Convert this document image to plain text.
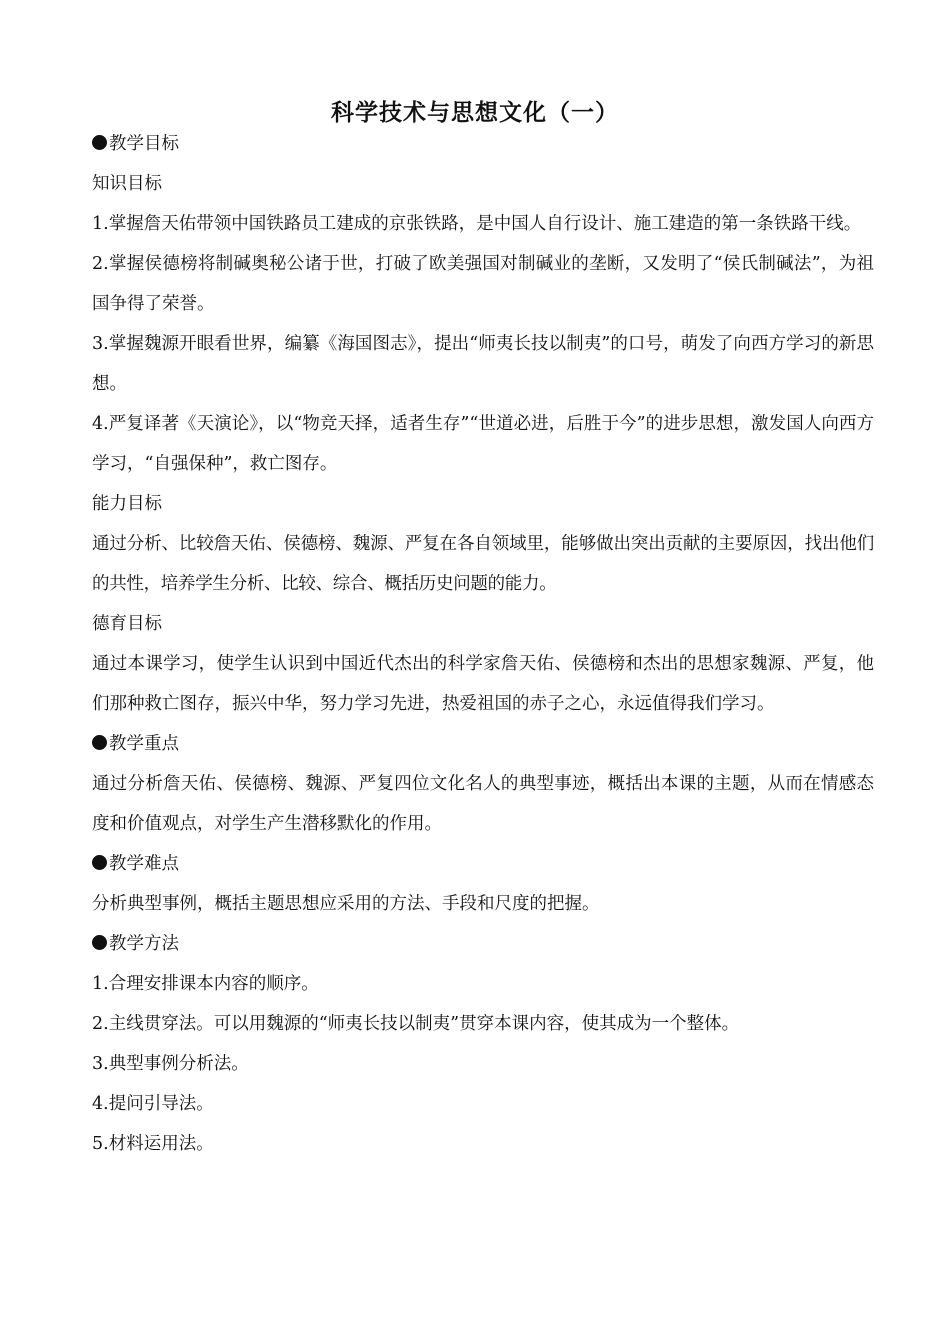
科学技术与思想文化（一）
教学目标
知识目标
1.掌握詹天佑带领中国铁路员工建成的京张铁路，是中国人自行设计、施工建造的第一条铁路干线。
2.掌握侯德榜将制碱奥秘公诸于世，打破了欧美强国对制碱业的垄断，又发明了“侯氏制碱法”，为祖国争得了荣誉。
3.掌握魏源开眼看世界，编纂《海国图志》，提出“师夷长技以制夷”的口号，萌发了向西方学习的新思想。
4.严复译著《天演论》，以“物竞天择，适者生存”“世道必进，后胜于今”的进步思想，激发国人向西方学习，“自强保种”，救亡图存。
能力目标
通过分析、比较詹天佑、侯德榜、魏源、严复在各自领域里，能够做出突出贡献的主要原因，找出他们的共性，培养学生分析、比较、综合、概括历史问题的能力。
德育目标
通过本课学习，使学生认识到中国近代杰出的科学家詹天佑、侯德榜和杰出的思想家魏源、严复，他们那种救亡图存，振兴中华，努力学习先进，热爱祖国的赤子之心，永远值得我们学习。
教学重点
通过分析詹天佑、侯德榜、魏源、严复四位文化名人的典型事迹，概括出本课的主题，从而在情感态度和价值观点，对学生产生潜移默化的作用。
教学难点
分析典型事例，概括主题思想应采用的方法、手段和尺度的把握。
教学方法
1.合理安排课本内容的顺序。
2.主线贯穿法。可以用魏源的“师夷长技以制夷”贯穿本课内容，使其成为一个整体。
3.典型事例分析法。
4.提问引导法。
5.材料运用法。
